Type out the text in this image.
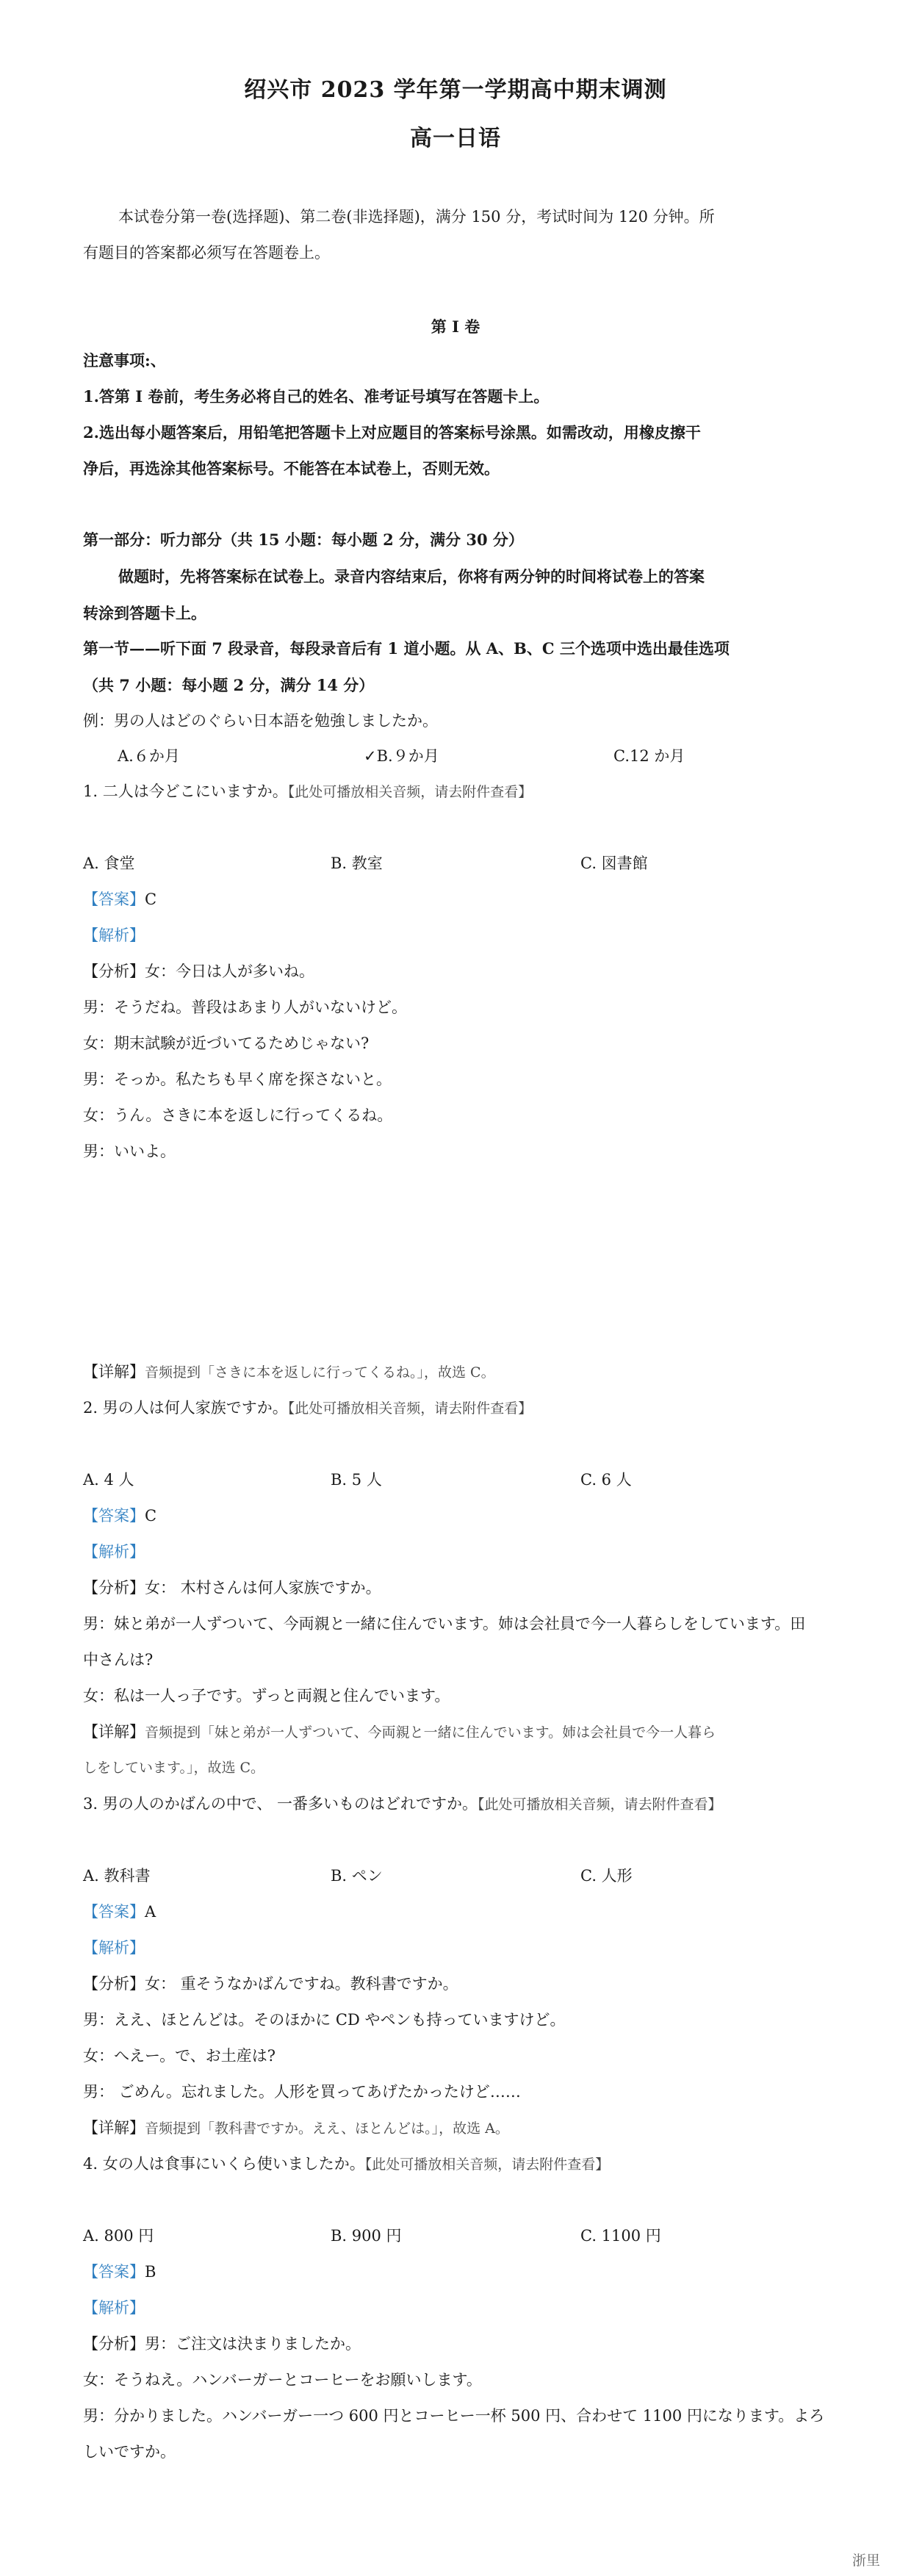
绍兴市 2023 学年第一学期高中期末调测
高一日语
本试卷分第一卷(选择题)、第二卷(非选择题)，满分 150 分，考试时间为 120 分钟。所
有题目的答案都必须写在答题卷上。
第 I 卷
注意事项:、
1.答第 I 卷前，考生务必将自己的姓名、准考证号填写在答题卡上。
2.选出每小题答案后，用铅笔把答题卡上对应题目的答案标号涂黑。如需改动，用橡皮擦干
净后，再选涂其他答案标号。不能答在本试卷上，否则无效。
第一部分：听力部分（共 15 小题：每小题 2 分，满分 30 分）
做题时，先将答案标在试卷上。录音内容结束后，你将有两分钟的时间将试卷上的答案
转涂到答题卡上。
第一节——听下面 7 段录音，每段录音后有 1 道小题。从 A、B、C 三个选项中选出最佳选项
（共 7 小题：每小题 2 分，满分 14 分）
例：男の人はどのぐらい日本語を勉強しましたか。
A.６か月	✓B.９か月	C.12 か月
1. 二人は今どこにいますか。【此处可播放相关音频，请去附件查看】
A. 食堂	B. 教室	C. 図書館
【答案】C
【解析】
【分析】女：今日は人が多いね。
男：そうだね。普段はあまり人がいないけど。
女：期末試験が近づいてるためじゃない?
男：そっか。私たちも早く席を探さないと。
女：うん。さきに本を返しに行ってくるね。
男：いいよ。
【详解】音频提到「さきに本を返しに行ってくるね。」，故选 C。
2. 男の人は何人家族ですか。【此处可播放相关音频，请去附件查看】
A. 4 人	B. 5 人	C. 6 人
【答案】C
【解析】
【分析】女： 木村さんは何人家族ですか。
男：妹と弟が一人ずついて、今両親と一緒に住んでいます。姉は会社員で今一人暮らしをしています。田
中さんは?
女：私は一人っ子です。ずっと両親と住んでいます。
【详解】音频提到「妹と弟が一人ずついて、今両親と一緒に住んでいます。姉は会社員で今一人暮ら
しをしています。」，故选 C。
3. 男の人のかばんの中で、 一番多いものはどれですか。【此处可播放相关音频，请去附件查看】
A. 教科書	B. ペン	C. 人形
【答案】A
【解析】
【分析】女： 重そうなかばんですね。教科書ですか。
男：ええ、ほとんどは。そのほかに CD やペンも持っていますけど。
女：へえー。で、お土産は?
男： ごめん。忘れました。人形を買ってあげたかったけど……
【详解】音频提到「教科書ですか。ええ、ほとんどは。」，故选 A。
4. 女の人は食事にいくら使いましたか。【此处可播放相关音频，请去附件查看】
A. 800 円	B. 900 円	C. 1100 円
【答案】B
【解析】
【分析】男：ご注文は決まりましたか。
女：そうねえ。ハンバーガーとコーヒーをお願いします。
男：分かりました。ハンバーガー一つ 600 円とコーヒー一杯 500 円、合わせて 1100 円になります。よろ
しいですか。
浙里
